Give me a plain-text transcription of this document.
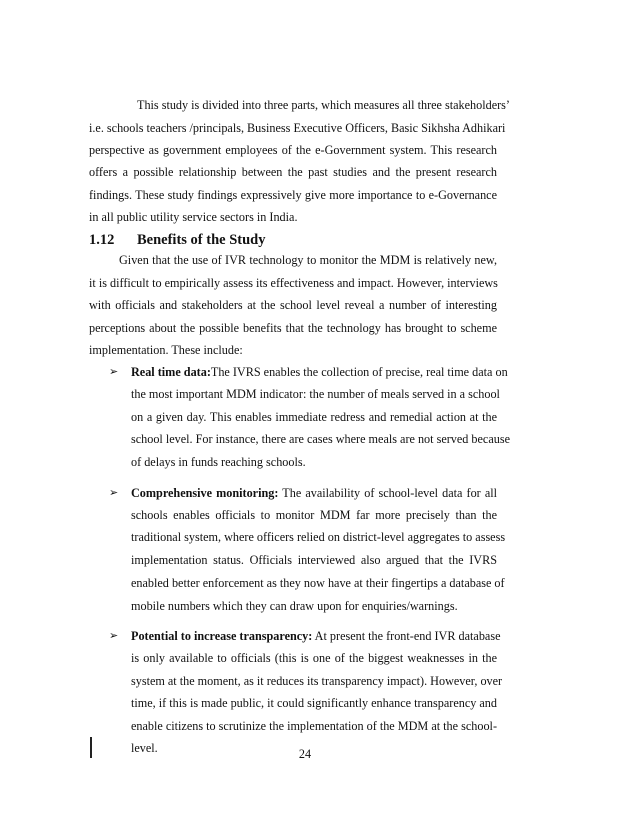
This study is divided into three parts, which measures all three stakeholders’
i.e. schools teachers /principals, Business Executive Officers, Basic Sikhsha Adhikari
perspective as government employees of the e-Government system. This research
offers a possible relationship between the past studies and the present research
findings. These study findings expressively give more importance to e-Governance
in all public utility service sectors in India.
1.12 Benefits of the Study
Given that the use of IVR technology to monitor the MDM is relatively new,
it is difficult to empirically assess its effectiveness and impact. However, interviews
with officials and stakeholders at the school level reveal a number of interesting
perceptions about the possible benefits that the technology has brought to scheme
implementation. These include:
➢ Real time data:The IVRS enables the collection of precise, real time data on
the most important MDM indicator: the number of meals served in a school
on a given day. This enables immediate redress and remedial action at the
school level. For instance, there are cases where meals are not served because
of delays in funds reaching schools.
➢ Comprehensive monitoring: The availability of school-level data for all
schools enables officials to monitor MDM far more precisely than the
traditional system, where officers relied on district-level aggregates to assess
implementation status. Officials interviewed also argued that the IVRS
enabled better enforcement as they now have at their fingertips a database of
mobile numbers which they can draw upon for enquiries/warnings.
➢ Potential to increase transparency: At present the front-end IVR database
is only available to officials (this is one of the biggest weaknesses in the
system at the moment, as it reduces its transparency impact). However, over
time, if this is made public, it could significantly enhance transparency and
enable citizens to scrutinize the implementation of the MDM at the school-
level.	24
